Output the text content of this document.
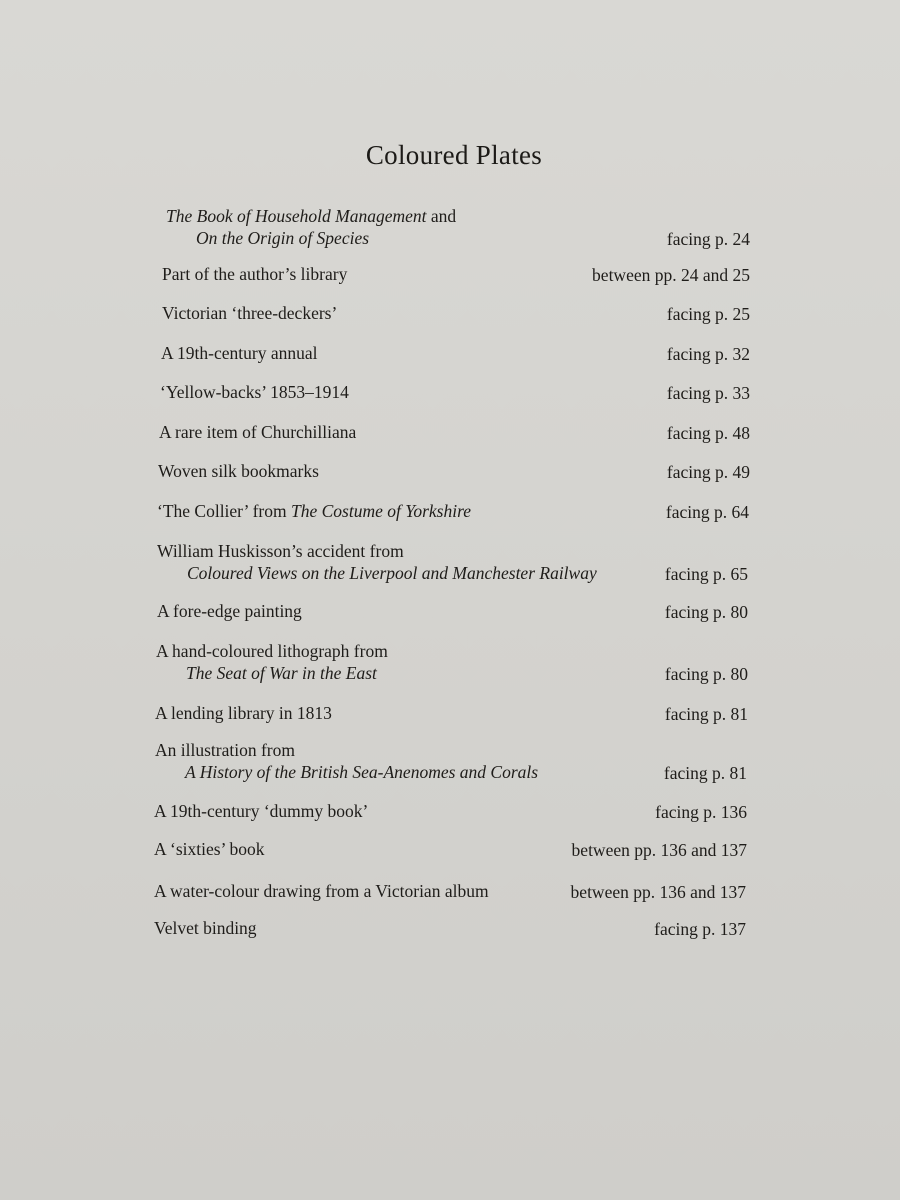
Coloured Plates
The Book of Household Management and
On the Origin of Species	facing p. 24
Part of the author’s library	between pp. 24 and 25
Victorian ‘three-deckers’	facing p. 25
A 19th-century annual	facing p. 32
‘Yellow-backs’ 1853–1914	facing p. 33
A rare item of Churchilliana	facing p. 48
Woven silk bookmarks	facing p. 49
‘The Collier’ from The Costume of Yorkshire	facing p. 64
William Huskisson’s accident from
Coloured Views on the Liverpool and Manchester Railway	facing p. 65
A fore-edge painting	facing p. 80
A hand-coloured lithograph from
The Seat of War in the East	facing p. 80
A lending library in 1813	facing p. 81
An illustration from
A History of the British Sea-Anenomes and Corals	facing p. 81
A 19th-century ‘dummy book’	facing p. 136
A ‘sixties’ book	between pp. 136 and 137
A water-colour drawing from a Victorian album	between pp. 136 and 137
Velvet binding	facing p. 137
